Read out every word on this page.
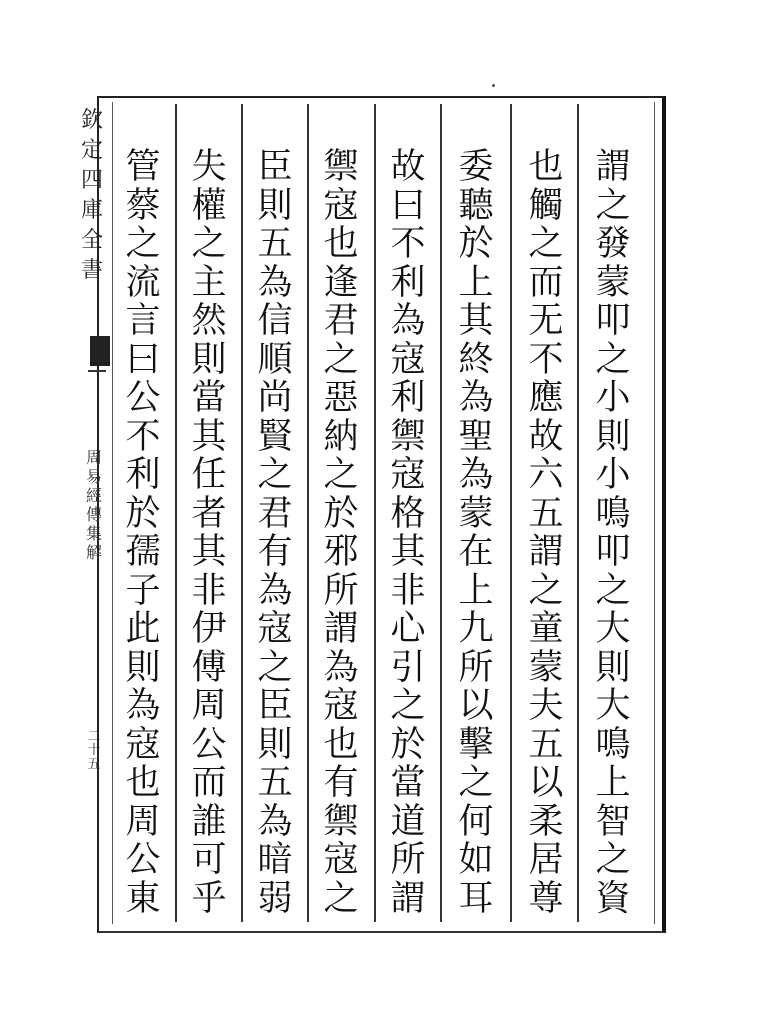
欽
定
四
庫
全
書
周
易
經
傳
集
解
二
十
五
謂
之
發
蒙
叩
之
小
則
小
鳴
叩
之
大
則
大
鳴
上
智
之
資
也
觸
之
而
无
不
應
故
六
五
謂
之
童
蒙
夫
五
以
柔
居
尊
委
聽
於
上
其
終
為
聖
為
蒙
在
上
九
所
以
擊
之
何
如
耳
故
曰
不
利
為
寇
利
禦
寇
格
其
非
心
引
之
於
當
道
所
謂
禦
寇
也
逢
君
之
惡
納
之
於
邪
所
謂
為
寇
也
有
禦
寇
之
臣
則
五
為
信
順
尚
賢
之
君
有
為
寇
之
臣
則
五
為
暗
弱
失
權
之
主
然
則
當
其
任
者
其
非
伊
傅
周
公
而
誰
可
乎
管
蔡
之
流
言
曰
公
不
利
於
孺
子
此
則
為
寇
也
周
公
東
